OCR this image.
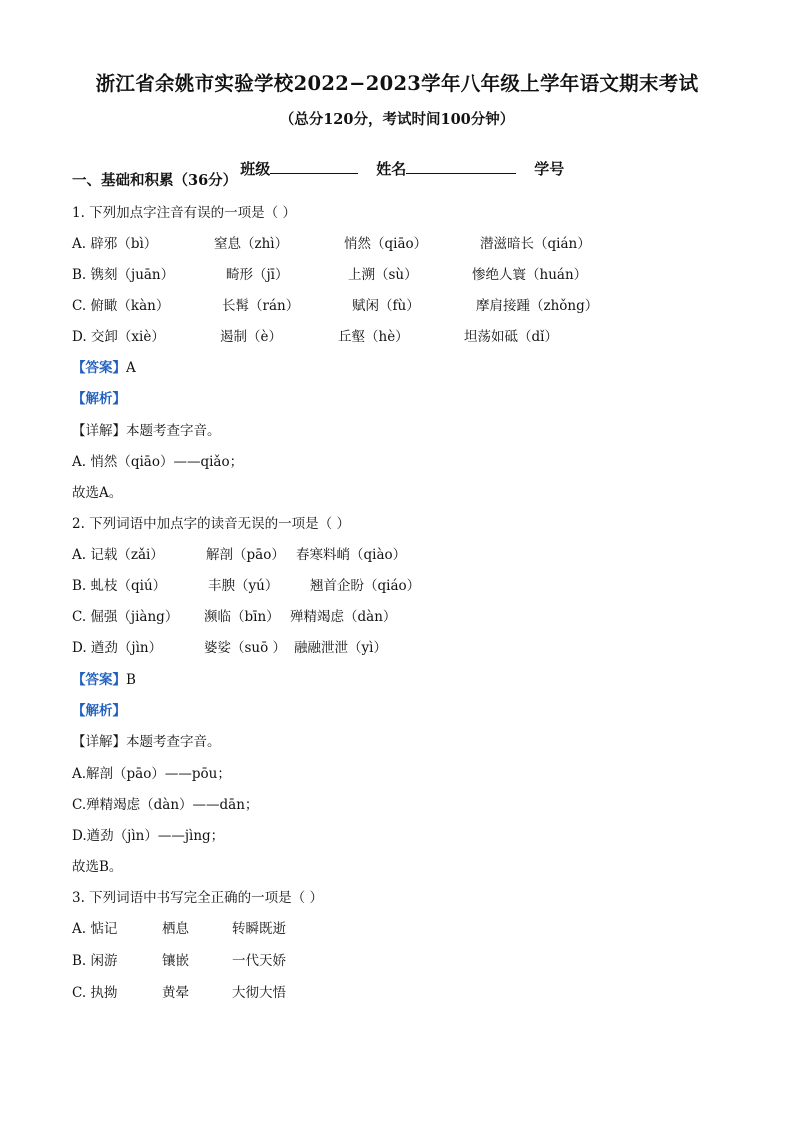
浙江省余姚市实验学校2022−2023学年八年级上学年语文期末考试
（总分120分，考试时间100分钟）

班级	姓名	学号

一、基础和积累（36分）
1. 下列加点字注音有误的一项是（ ）
A. 辟邪（bì）	窒息（zhì）	悄然（qiāo）	潜滋暗长（qián）
B. 镌刻（juān）	畸形（jī）	上溯（sù）	惨绝人寰（huán）
C. 俯瞰（kàn）	长髯（rán）	赋闲（fù）	摩肩接踵（zhǒng）
D. 交卸（xiè）	遏制（è）	丘壑（hè）	坦荡如砥（dǐ）
【答案】A
【解析】
【详解】本题考查字音。
A. 悄然（qiāo）——qiǎo；
故选A。
2. 下列词语中加点字的读音无误的一项是（ ）
A. 记载（zǎi）	解剖（pāo） 春寒料峭（qiào）
B. 虬枝（qiú）	丰腴（yú） 翘首企盼（qiáo）
C. 倔强（jiàng） 濒临（bīn） 殚精竭虑（dàn）
D. 遒劲（jìn）	婆娑（suō ） 融融泄泄（yì）
【答案】B
【解析】
【详解】本题考查字音。
A.解剖（pāo）——pōu；
C.殚精竭虑（dàn）——dān；
D.遒劲（jìn）——jìng；
故选B。
3. 下列词语中书写完全正确的一项是（ ）
A. 惦记	栖息	转瞬既逝
B. 闲游	镶嵌	一代天娇
C. 执拗	黄晕	大彻大悟
